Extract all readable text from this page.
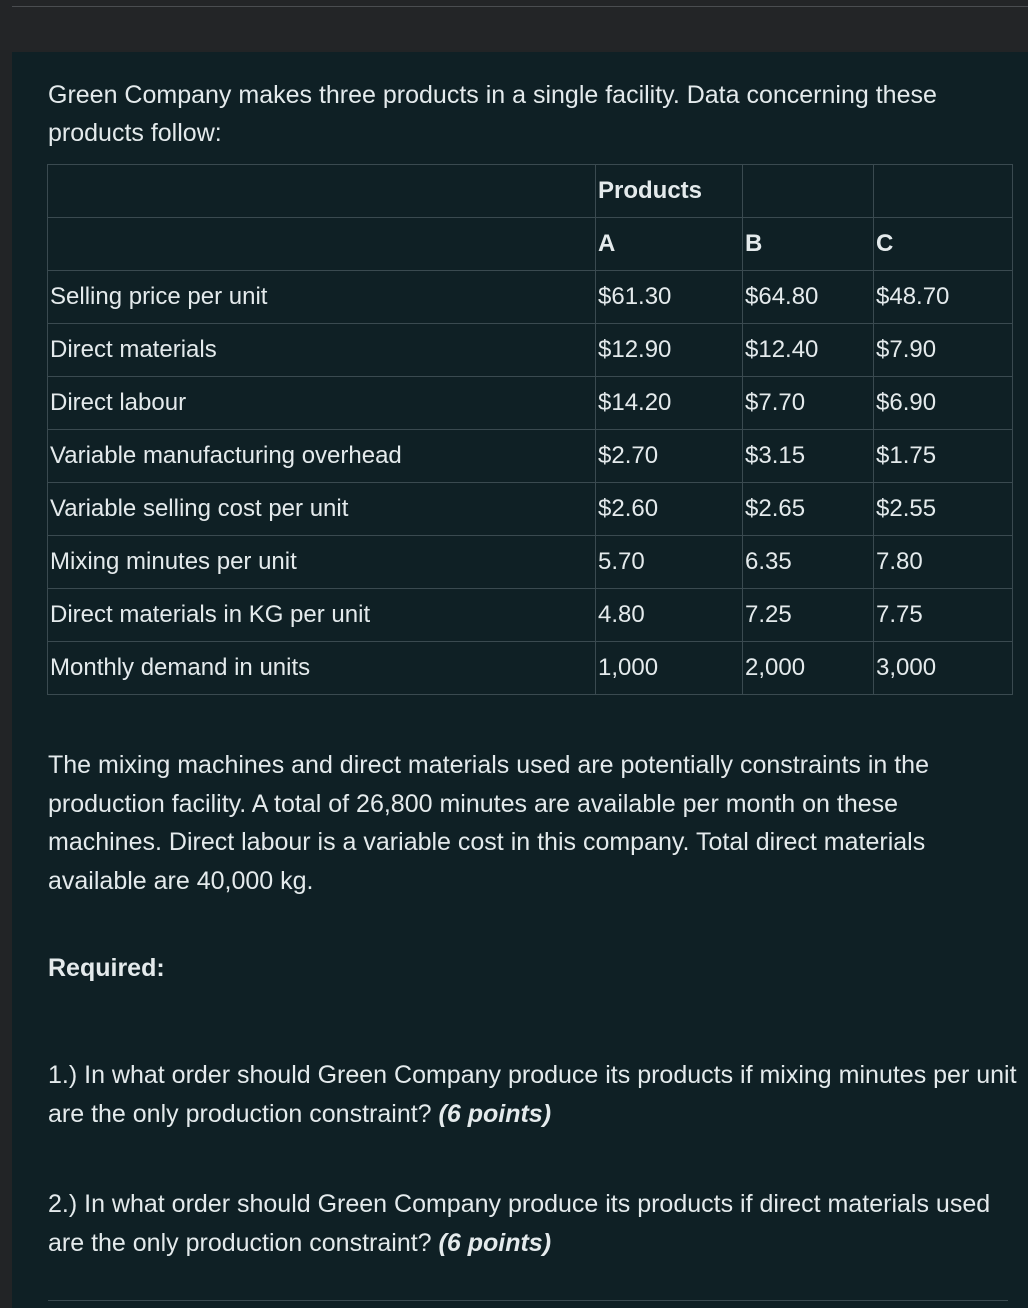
Green Company makes three products in a single facility. Data concerning these products follow:

	Products		
	A	B	C
Selling price per unit	$61.30	$64.80	$48.70
Direct materials	$12.90	$12.40	$7.90
Direct labour	$14.20	$7.70	$6.90
Variable manufacturing overhead	$2.70	$3.15	$1.75
Variable selling cost per unit	$2.60	$2.65	$2.55
Mixing minutes per unit	5.70	6.35	7.80
Direct materials in KG per unit	4.80	7.25	7.75
Monthly demand in units	1,000	2,000	3,000

The mixing machines and direct materials used are potentially constraints in the production facility. A total of 26,800 minutes are available per month on these machines. Direct labour is a variable cost in this company. Total direct materials available are 40,000 kg.

Required:

1.) In what order should Green Company produce its products if mixing minutes per unit are the only production constraint? (6 points)

2.) In what order should Green Company produce its products if direct materials used are the only production constraint? (6 points)
